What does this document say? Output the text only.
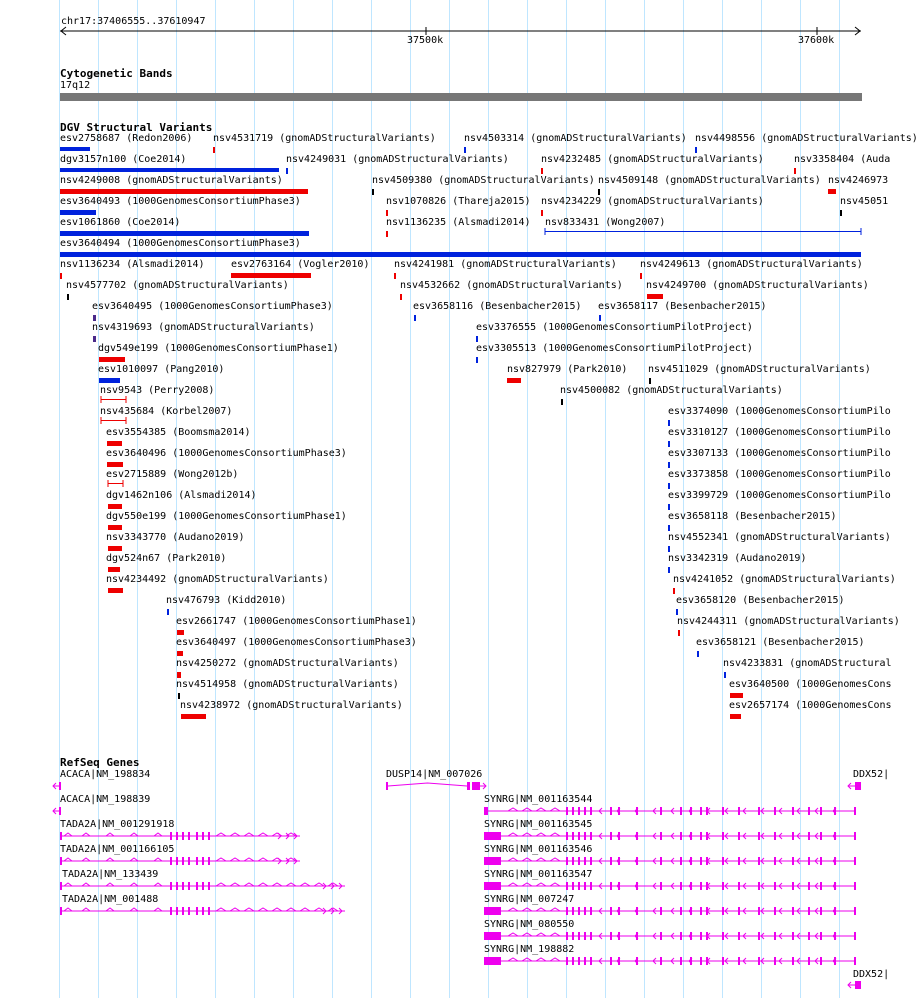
chr17:37406555..37610947
37500k	37600k
Cytogenetic Bands
17q12
DGV Structural Variants
esv2758687 (Redon2006) nsv4531719 (gnomADStructuralVariants)	nsv4503314 (gnomADStructuralVariants) nsv4498556 (gnomADStructuralVariants)
dgv3157n100 (Coe2014)	nsv4249031 (gnomADStructuralVariants)	nsv4232485 (gnomADStructuralVariants)	nsv3358404 (Auda
nsv4249008 (gnomADStructuralVariants)	nsv4509380 (gnomADStructuralVariants) nsv4509148 (gnomADStructuralVariants) nsv4246973
esv3640493 (1000GenomesConsortiumPhase3)	nsv1070826 (Thareja2015) nsv4234229 (gnomADStructuralVariants)	nsv45051
esv1061860 (Coe2014)	nsv1136235 (Alsmadi2014) nsv833431 (Wong2007)
esv3640494 (1000GenomesConsortiumPhase3)
nsv1136234 (Alsmadi2014)	esv2763164 (Vogler2010) nsv4241981 (gnomADStructuralVariants) nsv4249613 (gnomADStructuralVariants)
nsv4577702 (gnomADStructuralVariants)	nsv4532662 (gnomADStructuralVariants) nsv4249700 (gnomADStructuralVariants)
esv3640495 (1000GenomesConsortiumPhase3)	esv3658116 (Besenbacher2015) esv3658117 (Besenbacher2015)
nsv4319693 (gnomADStructuralVariants)	esv3376555 (1000GenomesConsortiumPilotProject)
dgv549e199 (1000GenomesConsortiumPhase1)	esv3305513 (1000GenomesConsortiumPilotProject)
esv1010097 (Pang2010)	nsv827979 (Park2010) nsv4511029 (gnomADStructuralVariants)
nsv9543 (Perry2008)	nsv4500082 (gnomADStructuralVariants)
nsv435684 (Korbel2007)	esv3374090 (1000GenomesConsortiumPilo
esv3554385 (Boomsma2014)	esv3310127 (1000GenomesConsortiumPilo
esv3640496 (1000GenomesConsortiumPhase3)	esv3307133 (1000GenomesConsortiumPilo
esv2715889 (Wong2012b)	esv3373858 (1000GenomesConsortiumPilo
dgv1462n106 (Alsmadi2014)	esv3399729 (1000GenomesConsortiumPilo
dgv550e199 (1000GenomesConsortiumPhase1)	esv3658118 (Besenbacher2015)
nsv3343770 (Audano2019)	nsv4552341 (gnomADStructuralVariants)
dgv524n67 (Park2010)	nsv3342319 (Audano2019)
nsv4234492 (gnomADStructuralVariants)	nsv4241052 (gnomADStructuralVariants)
nsv476793 (Kidd2010)	esv3658120 (Besenbacher2015)
esv2661747 (1000GenomesConsortiumPhase1)	nsv4244311 (gnomADStructuralVariants)
esv3640497 (1000GenomesConsortiumPhase3)	esv3658121 (Besenbacher2015)
nsv4250272 (gnomADStructuralVariants)	nsv4233831 (gnomADStructural
nsv4514958 (gnomADStructuralVariants)	esv3640500 (1000GenomesCons
nsv4238972 (gnomADStructuralVariants)	esv2657174 (1000GenomesCons
RefSeq Genes
ACACA|NM_198834	DUSP14|NM_007026	DDX52|
ACACA|NM_198839	SYNRG|NM_001163544
TADA2A|NM_001291918	SYNRG|NM_001163545
TADA2A|NM_001166105	SYNRG|NM_001163546
TADA2A|NM_133439	SYNRG|NM_001163547
TADA2A|NM_001488	SYNRG|NM_007247
SYNRG|NM_080550
SYNRG|NM_198882
DDX52|
